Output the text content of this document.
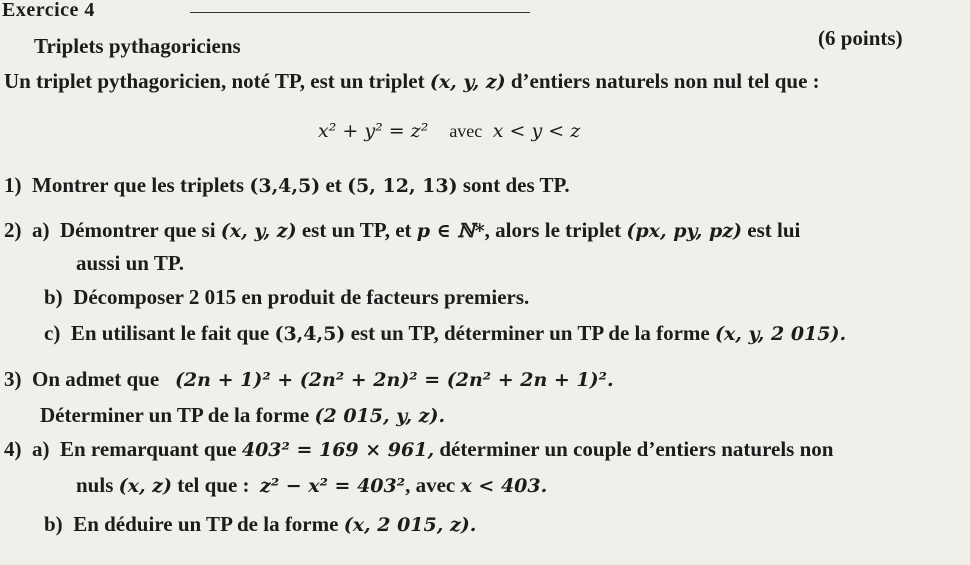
Exercice 4
Triplets pythagoriciens	(6 points)
Un triplet pythagoricien, noté TP, est un triplet (x, y, z) d’entiers naturels non nul tel que :
x² + y² = z² avec x < y < z
1) Montrer que les triplets (3,4,5) et (5, 12, 13) sont des TP.
2) a) Démontrer que si (x, y, z) est un TP, et p ∈ ℕ*, alors le triplet (px, py, pz) est lui
aussi un TP.
b) Décomposer 2 015 en produit de facteurs premiers.
c) En utilisant le fait que (3,4,5) est un TP, déterminer un TP de la forme (x, y, 2 015).
3) On admet que (2n + 1)² + (2n² + 2n)² = (2n² + 2n + 1)².
Déterminer un TP de la forme (2 015, y, z).
4) a) En remarquant que 403² = 169 × 961, déterminer un couple d’entiers naturels non
nuls (x, z) tel que : z² − x² = 403², avec x < 403.
b) En déduire un TP de la forme (x, 2 015, z).
